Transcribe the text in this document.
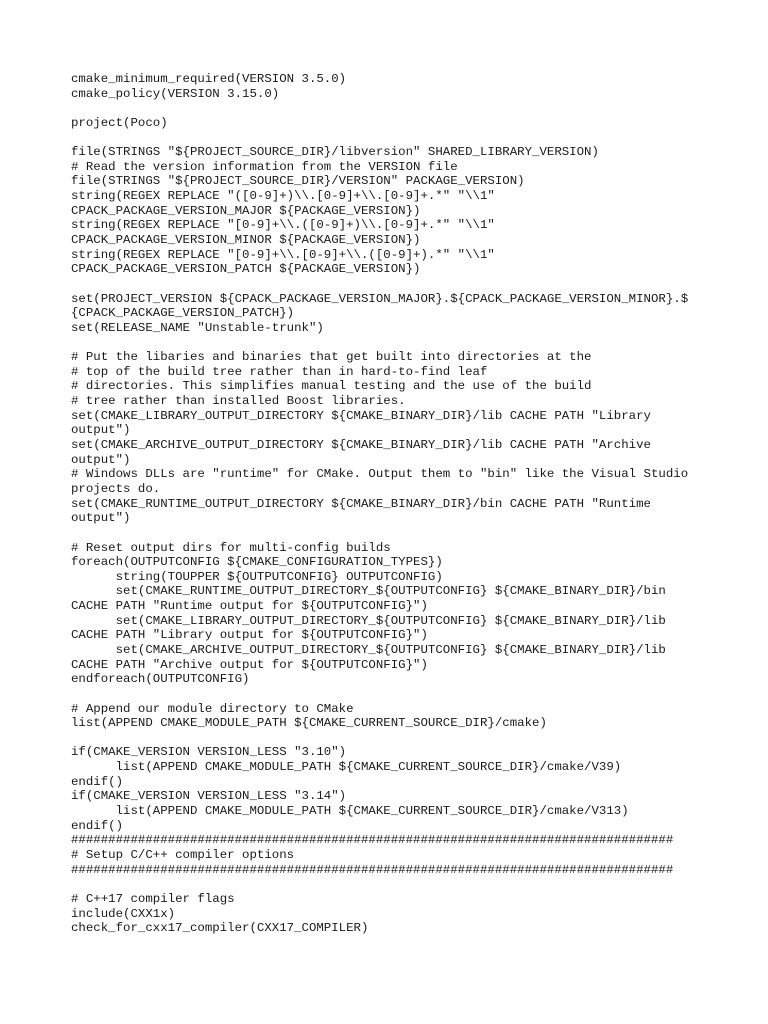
cmake_minimum_required(VERSION 3.5.0)
cmake_policy(VERSION 3.15.0)
project(Poco)
file(STRINGS "${PROJECT_SOURCE_DIR}/libversion" SHARED_LIBRARY_VERSION)
# Read the version information from the VERSION file
file(STRINGS "${PROJECT_SOURCE_DIR}/VERSION" PACKAGE_VERSION)
string(REGEX REPLACE "([0-9]+)\\.[0-9]+\\.[0-9]+.*" "\\1"
CPACK_PACKAGE_VERSION_MAJOR ${PACKAGE_VERSION})
string(REGEX REPLACE "[0-9]+\\.([0-9]+)\\.[0-9]+.*" "\\1"
CPACK_PACKAGE_VERSION_MINOR ${PACKAGE_VERSION})
string(REGEX REPLACE "[0-9]+\\.[0-9]+\\.([0-9]+).*" "\\1"
CPACK_PACKAGE_VERSION_PATCH ${PACKAGE_VERSION})
set(PROJECT_VERSION ${CPACK_PACKAGE_VERSION_MAJOR}.${CPACK_PACKAGE_VERSION_MINOR}.$
{CPACK_PACKAGE_VERSION_PATCH})
set(RELEASE_NAME "Unstable-trunk")
# Put the libaries and binaries that get built into directories at the
# top of the build tree rather than in hard-to-find leaf
# directories. This simplifies manual testing and the use of the build
# tree rather than installed Boost libraries.
set(CMAKE_LIBRARY_OUTPUT_DIRECTORY ${CMAKE_BINARY_DIR}/lib CACHE PATH "Library
output")
set(CMAKE_ARCHIVE_OUTPUT_DIRECTORY ${CMAKE_BINARY_DIR}/lib CACHE PATH "Archive
output")
# Windows DLLs are "runtime" for CMake. Output them to "bin" like the Visual Studio
projects do.
set(CMAKE_RUNTIME_OUTPUT_DIRECTORY ${CMAKE_BINARY_DIR}/bin CACHE PATH "Runtime
output")
# Reset output dirs for multi-config builds
foreach(OUTPUTCONFIG ${CMAKE_CONFIGURATION_TYPES})
string(TOUPPER ${OUTPUTCONFIG} OUTPUTCONFIG)
set(CMAKE_RUNTIME_OUTPUT_DIRECTORY_${OUTPUTCONFIG} ${CMAKE_BINARY_DIR}/bin
CACHE PATH "Runtime output for ${OUTPUTCONFIG}")
set(CMAKE_LIBRARY_OUTPUT_DIRECTORY_${OUTPUTCONFIG} ${CMAKE_BINARY_DIR}/lib
CACHE PATH "Library output for ${OUTPUTCONFIG}")
set(CMAKE_ARCHIVE_OUTPUT_DIRECTORY_${OUTPUTCONFIG} ${CMAKE_BINARY_DIR}/lib
CACHE PATH "Archive output for ${OUTPUTCONFIG}")
endforeach(OUTPUTCONFIG)
# Append our module directory to CMake
list(APPEND CMAKE_MODULE_PATH ${CMAKE_CURRENT_SOURCE_DIR}/cmake)
if(CMAKE_VERSION VERSION_LESS "3.10")
list(APPEND CMAKE_MODULE_PATH ${CMAKE_CURRENT_SOURCE_DIR}/cmake/V39)
endif()
if(CMAKE_VERSION VERSION_LESS "3.14")
list(APPEND CMAKE_MODULE_PATH ${CMAKE_CURRENT_SOURCE_DIR}/cmake/V313)
endif()
#################################################################################
# Setup C/C++ compiler options
#################################################################################
# C++17 compiler flags
include(CXX1x)
check_for_cxx17_compiler(CXX17_COMPILER)
